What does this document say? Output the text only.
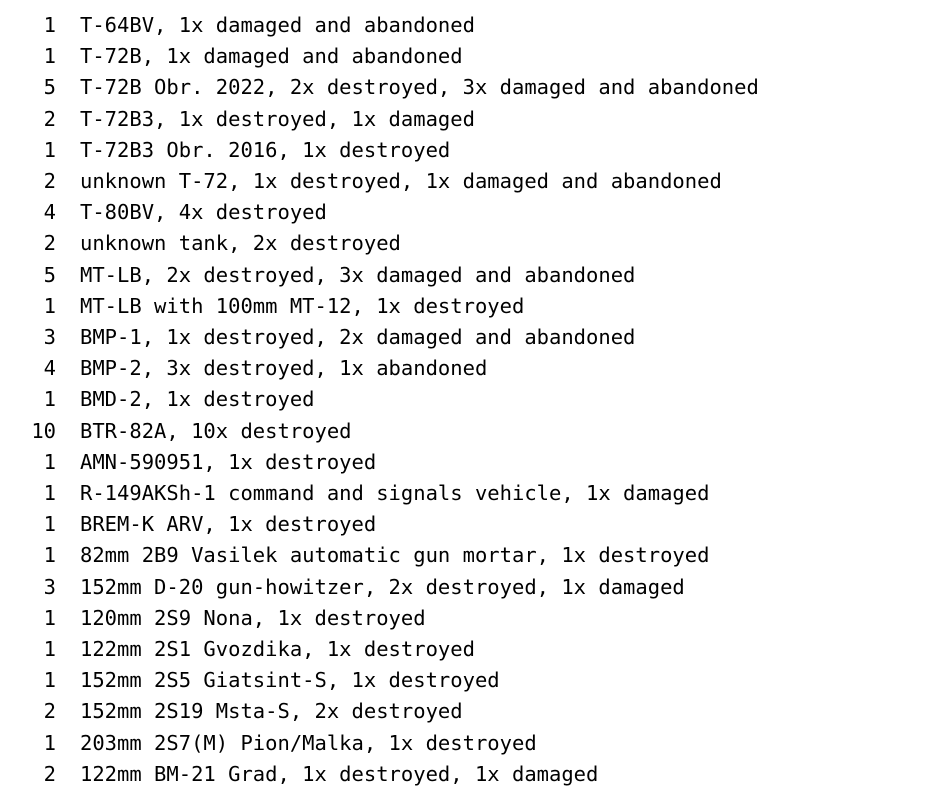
1	T-64BV, 1x damaged and abandoned
1	T-72B, 1x damaged and abandoned
5	T-72B Obr. 2022, 2x destroyed, 3x damaged and abandoned
2	T-72B3, 1x destroyed, 1x damaged
1	T-72B3 Obr. 2016, 1x destroyed
2	unknown T-72, 1x destroyed, 1x damaged and abandoned
4	T-80BV, 4x destroyed
2	unknown tank, 2x destroyed
5	MT-LB, 2x destroyed, 3x damaged and abandoned
1	MT-LB with 100mm MT-12, 1x destroyed
3	BMP-1, 1x destroyed, 2x damaged and abandoned
4	BMP-2, 3x destroyed, 1x abandoned
1	BMD-2, 1x destroyed
10	BTR-82A, 10x destroyed
1	AMN-590951, 1x destroyed
1	R-149AKSh-1 command and signals vehicle, 1x damaged
1	BREM-K ARV, 1x destroyed
1	82mm 2B9 Vasilek automatic gun mortar, 1x destroyed
3	152mm D-20 gun-howitzer, 2x destroyed, 1x damaged
1	120mm 2S9 Nona, 1x destroyed
1	122mm 2S1 Gvozdika, 1x destroyed
1	152mm 2S5 Giatsint-S, 1x destroyed
2	152mm 2S19 Msta-S, 2x destroyed
1	203mm 2S7(M) Pion/Malka, 1x destroyed
2	122mm BM-21 Grad, 1x destroyed, 1x damaged
